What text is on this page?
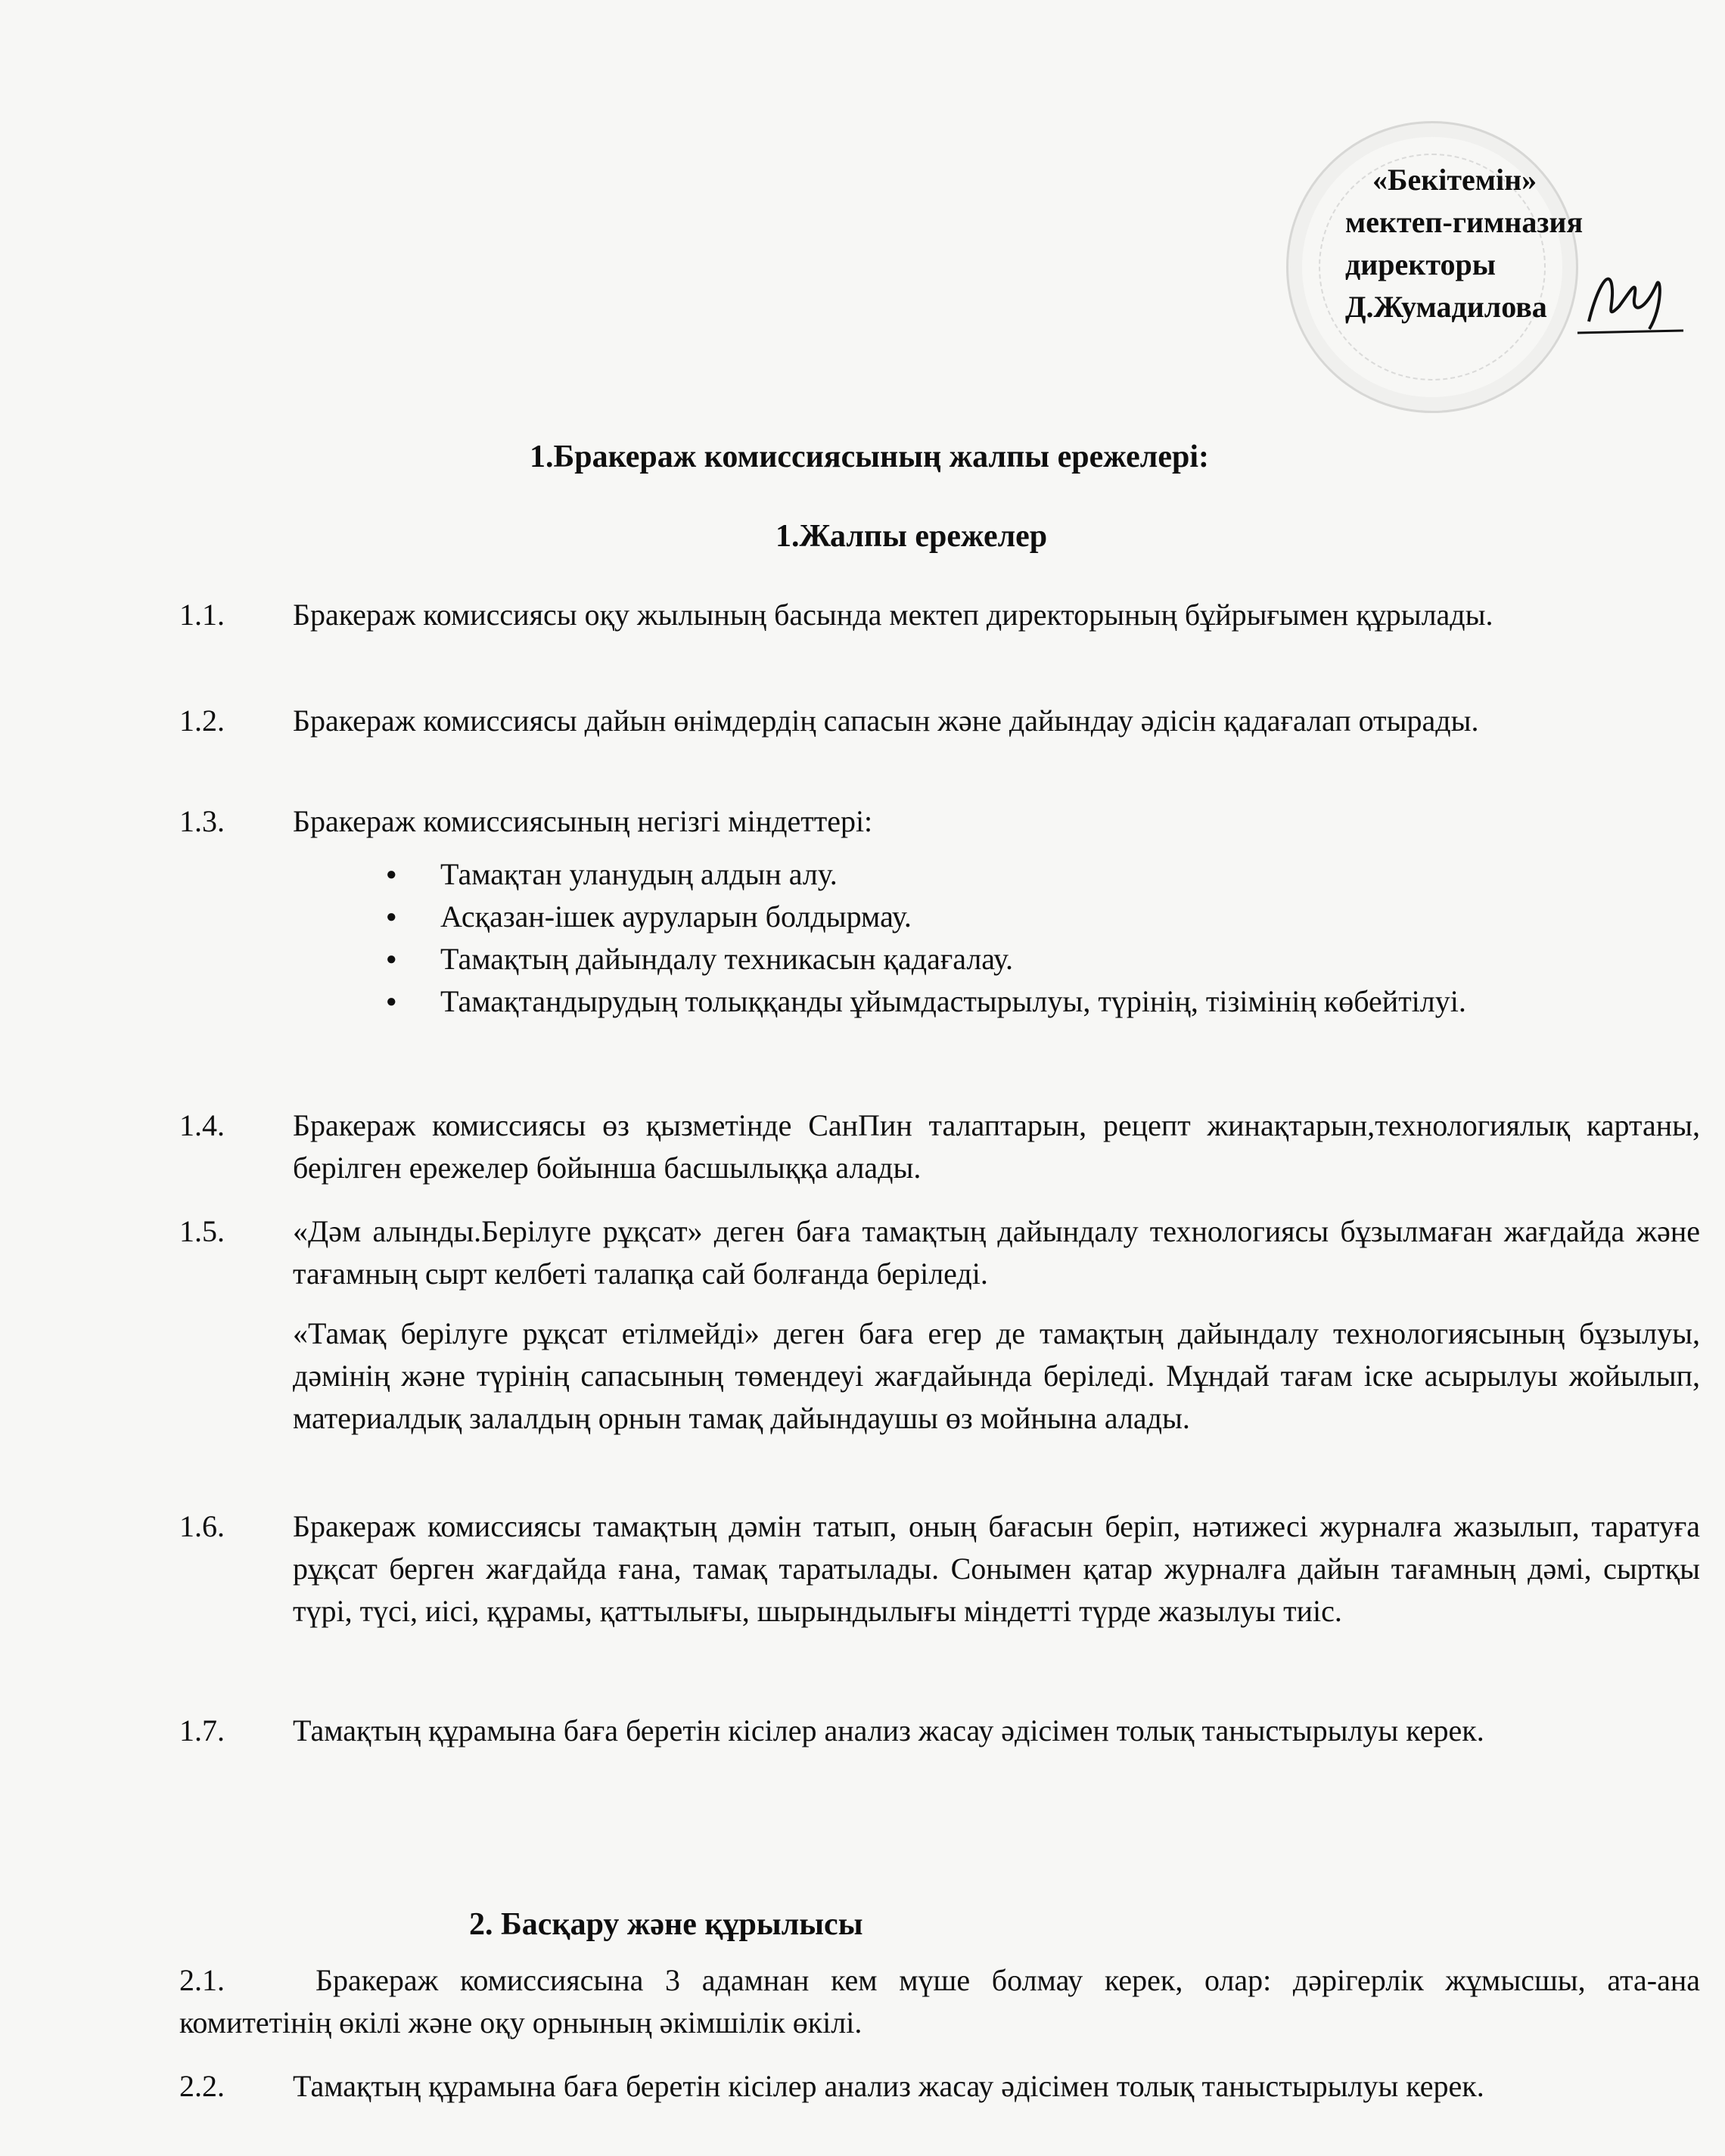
«Бекітемін»
мектеп-гимназия
директоры
Д.Жумадилова
1.Бракераж комиссиясының жалпы ережелері:
1.Жалпы ережелер
1.1. Бракераж комиссиясы оқу жылының басында мектеп директорының бұйрығымен құрылады.
1.2. Бракераж комиссиясы дайын өнімдердің сапасын және дайындау әдісін қадағалап отырады.
1.3. Бракераж комиссиясының негізгі міндеттері:
● Тамақтан уланудың алдын алу.
● Асқазан-ішек ауруларын болдырмау.
● Тамақтың дайындалу техникасын қадағалау.
● Тамақтандырудың толыққанды ұйымдастырылуы, түрінің, тізімінің көбейтілуі.
1.4. Бракераж комиссиясы өз қызметінде СанПин талаптарын, рецепт жинақтарын,технологиялық картаны, берілген ережелер бойынша басшылыққа алады.
1.5. «Дәм алынды.Берілуге рұқсат» деген баға тамақтың дайындалу технологиясы бұзылмаған жағдайда және тағамның сырт келбеті талапқа сай болғанда беріледі.
«Тамақ берілуге рұқсат етілмейді» деген баға егер де тамақтың дайындалу технологиясының бұзылуы, дәмінің және түрінің сапасының төмендеуі жағдайында беріледі. Мұндай тағам іске асырылуы жойылып, материалдық залалдың орнын тамақ дайындаушы өз мойнына алады.
1.6. Бракераж комиссиясы тамақтың дәмін татып, оның бағасын беріп, нәтижесі журналға жазылып, таратуға рұқсат берген жағдайда ғана, тамақ таратылады. Сонымен қатар журналға дайын тағамның дәмі, сыртқы түрі, түсі, иісі, құрамы, қаттылығы, шырындылығы міндетті түрде жазылуы тиіс.
1.7. Тамақтың құрамына баға беретін кісілер анализ жасау әдісімен толық таныстырылуы керек.
2. Басқару және құрылысы
2.1.	Бракераж комиссиясына 3 адамнан кем мүше болмау керек, олар: дәрігерлік жұмысшы, ата-ана комитетінің өкілі және оқу орнының әкімшілік өкілі.
2.2. Тамақтың құрамына баға беретін кісілер анализ жасау әдісімен толық таныстырылуы керек.
